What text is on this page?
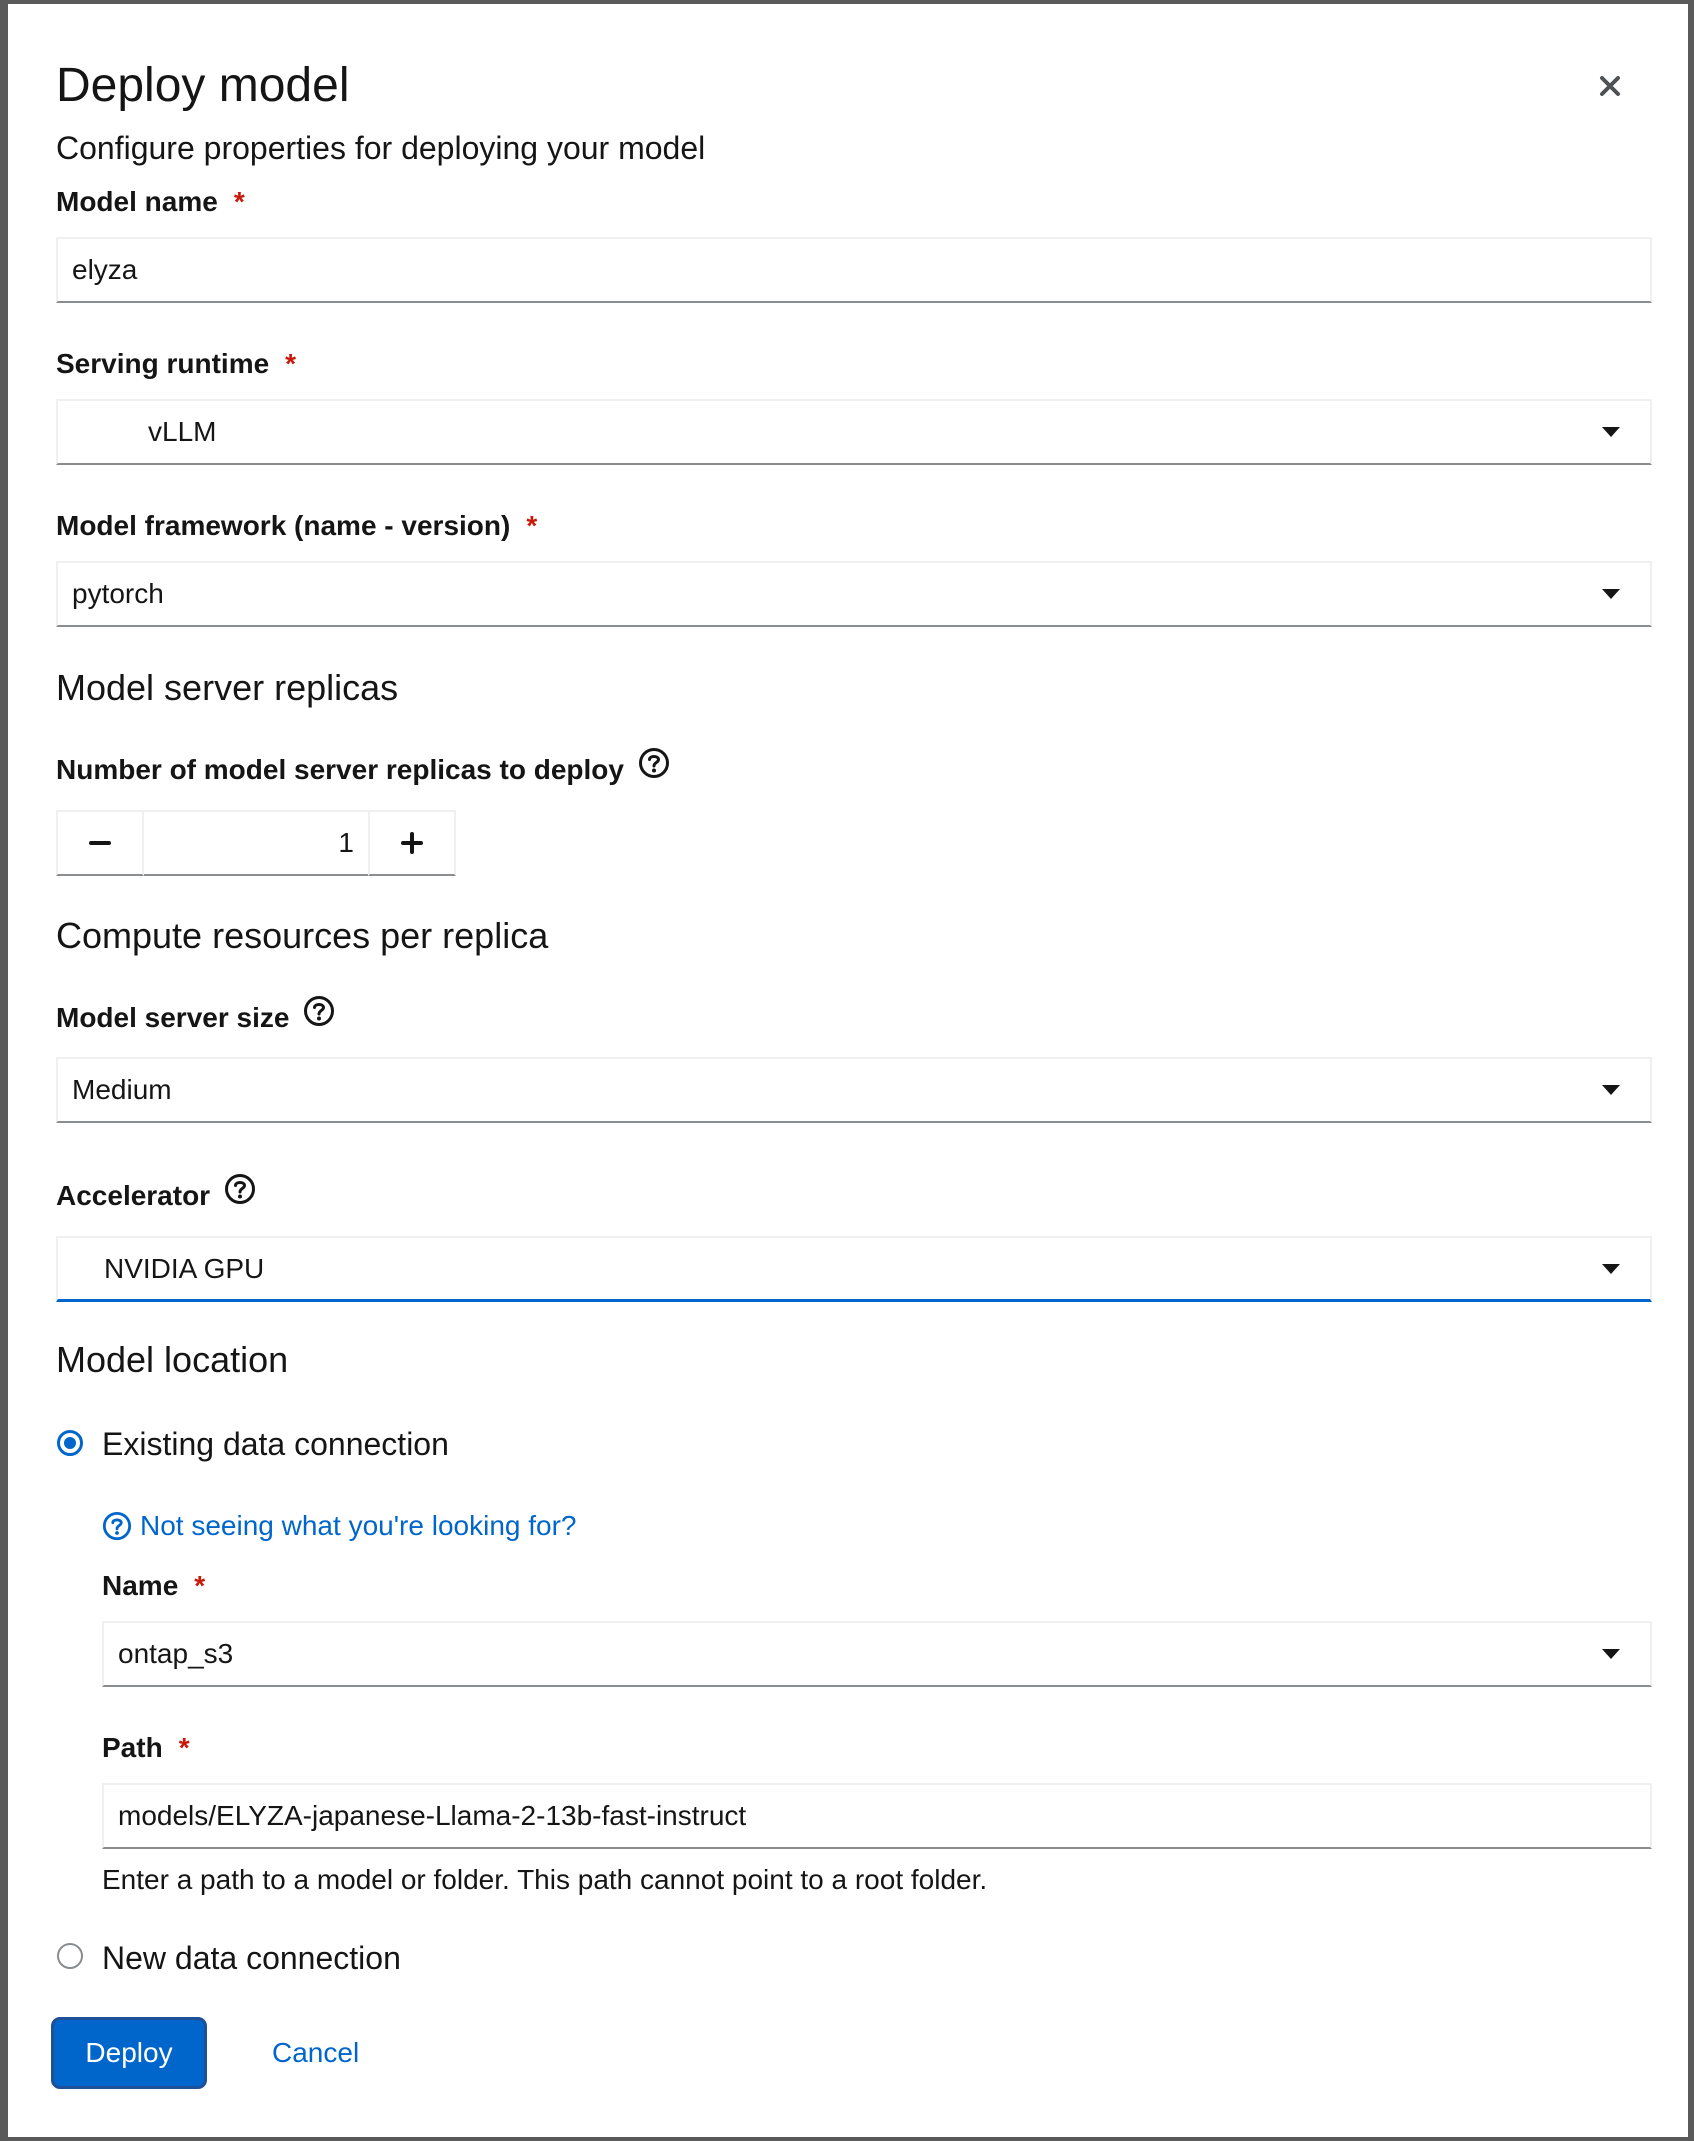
Deploy model
Configure properties for deploying your model
Model name *
elyza
Serving runtime *
vLLM
Model framework (name - version) *
pytorch
Model server replicas
Number of model server replicas to deploy
1
Compute resources per replica
Model server size
Medium
Accelerator
NVIDIA GPU
Model location
Existing data connection
Not seeing what you're looking for?
Name *
ontap_s3
Path *
models/ELYZA-japanese-Llama-2-13b-fast-instruct
Enter a path to a model or folder. This path cannot point to a root folder.
New data connection
Deploy	Cancel
